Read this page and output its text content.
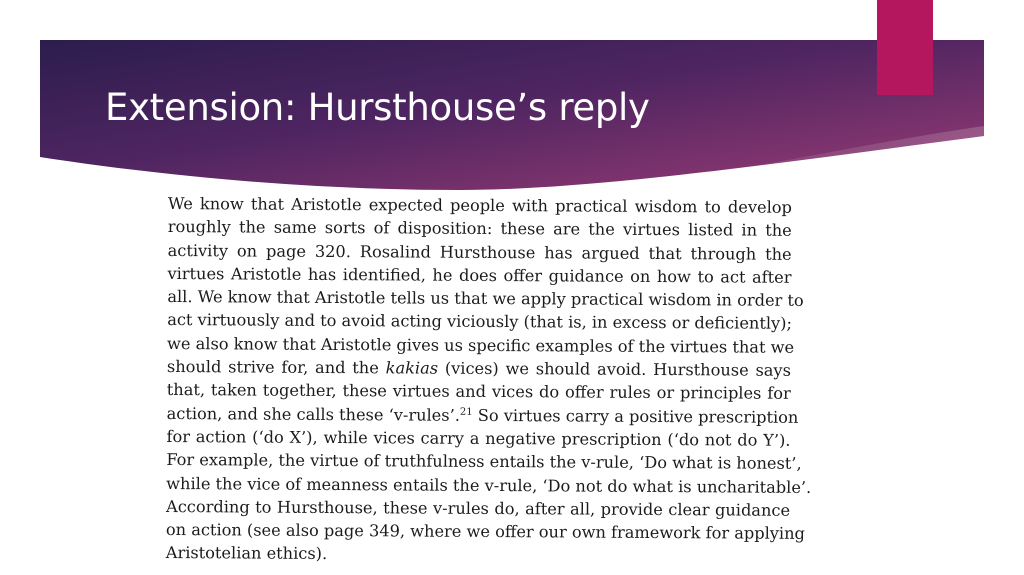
Extension: Hursthouse’s reply
We know that Aristotle expected people with practical wisdom to develop
roughly the same sorts of disposition: these are the virtues listed in the
activity on page 320. Rosalind Hursthouse has argued that through the
virtues Aristotle has identified, he does offer guidance on how to act after
all. We know that Aristotle tells us that we apply practical wisdom in order to
act virtuously and to avoid acting viciously (that is, in excess or deficiently);
we also know that Aristotle gives us specific examples of the virtues that we
should strive for, and the kakias (vices) we should avoid. Hursthouse says
that, taken together, these virtues and vices do offer rules or principles for
action, and she calls these ‘v-rules’.$^{21}$ So virtues carry a positive prescription
for action (‘do X’), while vices carry a negative prescription (‘do not do Y’).
For example, the virtue of truthfulness entails the v-rule, ‘Do what is honest’,
while the vice of meanness entails the v-rule, ‘Do not do what is uncharitable’.
According to Hursthouse, these v-rules do, after all, provide clear guidance
on action (see also page 349, where we offer our own framework for applying
Aristotelian ethics).
